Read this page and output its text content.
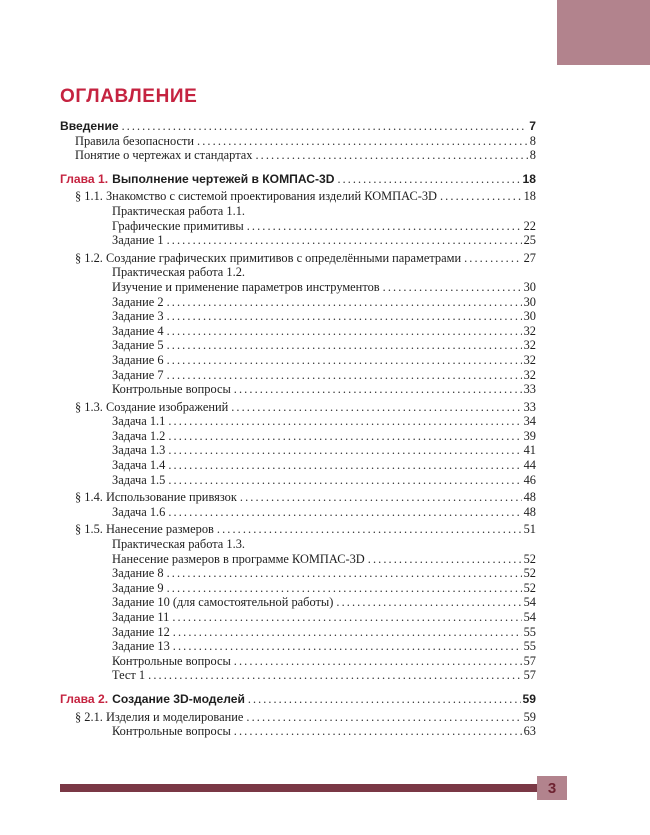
ОГЛАВЛЕНИЕ
Введение .....	7
Правила безопасности .....	8
Понятие о чертежах и стандартах .....	8
Глава 1. Выполнение чертежей в КОМПАС-3D .....	18
§ 1.1. Знакомство с системой проектирования изделий КОМПАС-3D .....	18
Практическая работа 1.1.
Графические примитивы .....	22
Задание 1 .....	25
§ 1.2. Создание графических примитивов с определёнными параметрами .....	27
Практическая работа 1.2.
Изучение и применение параметров инструментов .....	30
Задание 2 .....	30
Задание 3 .....	30
Задание 4 .....	32
Задание 5 .....	32
Задание 6 .....	32
Задание 7 .....	32
Контрольные вопросы .....	33
§ 1.3. Создание изображений .....	33
Задача 1.1 .....	34
Задача 1.2 .....	39
Задача 1.3 .....	41
Задача 1.4 .....	44
Задача 1.5 .....	46
§ 1.4. Использование привязок .....	48
Задача 1.6 .....	48
§ 1.5. Нанесение размеров .....	51
Практическая работа 1.3.
Нанесение размеров в программе КОМПАС-3D .....	52
Задание 8 .....	52
Задание 9 .....	52
Задание 10 (для самостоятельной работы) .....	54
Задание 11 .....	54
Задание 12 .....	55
Задание 13 .....	55
Контрольные вопросы .....	57
Тест 1 .....	57
Глава 2. Создание 3D-моделей .....	59
§ 2.1. Изделия и моделирование .....	59
Контрольные вопросы .....	63
3
